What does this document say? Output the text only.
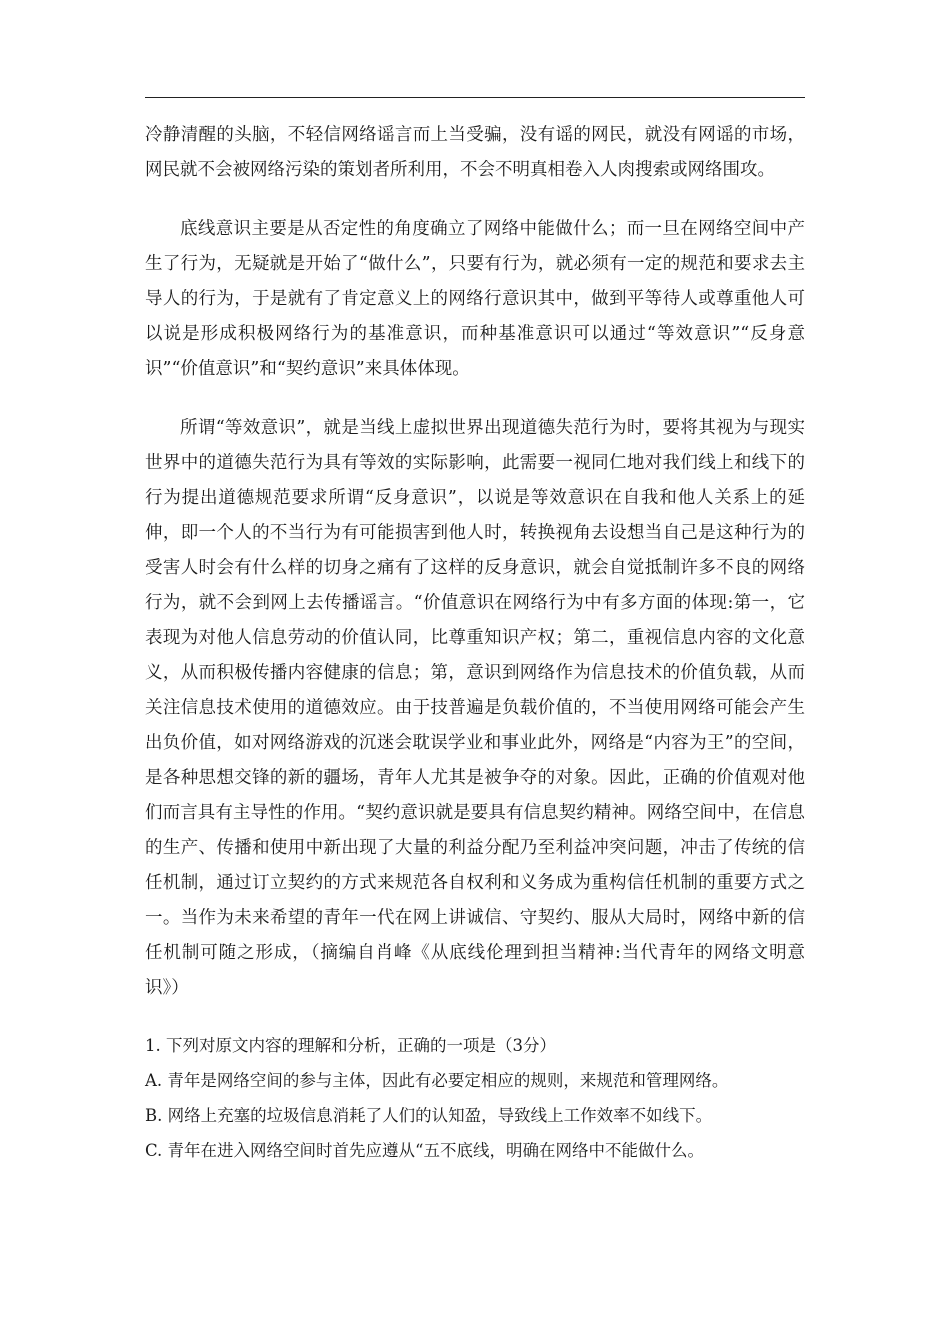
冷静清醒的头脑，不轻信网络谣言而上当受骗，没有谣的网民，就没有网谣的市场，网民就不会被网络污染的策划者所利用，不会不明真相卷入人肉搜索或网络围攻。

底线意识主要是从否定性的角度确立了网络中能做什么；而一旦在网络空间中产生了行为，无疑就是开始了“做什么”，只要有行为，就必须有一定的规范和要求去主导人的行为，于是就有了肯定意义上的网络行意识其中，做到平等待人或尊重他人可以说是形成积极网络行为的基准意识，而种基准意识可以通过“等效意识”“反身意识”“价值意识”和“契约意识”来具体体现。

所谓“等效意识”，就是当线上虚拟世界出现道德失范行为时，要将其视为与现实世界中的道德失范行为具有等效的实际影响，此需要一视同仁地对我们线上和线下的行为提出道德规范要求所谓“反身意识”，以说是等效意识在自我和他人关系上的延伸，即一个人的不当行为有可能损害到他人时，转换视角去设想当自己是这种行为的受害人时会有什么样的切身之痛有了这样的反身意识，就会自觉抵制许多不良的网络行为，就不会到网上去传播谣言。“价值意识在网络行为中有多方面的体现:第一，它表现为对他人信息劳动的价值认同，比尊重知识产权；第二，重视信息内容的文化意义，从而积极传播内容健康的信息；第，意识到网络作为信息技术的价值负载，从而关注信息技术使用的道德效应。由于技普遍是负载价值的，不当使用网络可能会产生出负价值，如对网络游戏的沉迷会耽误学业和事业此外，网络是“内容为王”的空间，是各种思想交锋的新的疆场，青年人尤其是被争夺的对象。因此，正确的价值观对他们而言具有主导性的作用。“契约意识就是要具有信息契约精神。网络空间中，在信息的生产、传播和使用中新出现了大量的利益分配乃至利益冲突问题，冲击了传统的信任机制，通过订立契约的方式来规范各自权利和义务成为重构信任机制的重要方式之一。当作为未来希望的青年一代在网上讲诚信、守契约、服从大局时，网络中新的信任机制可随之形成，（摘编自肖峰《从底线伦理到担当精神:当代青年的网络文明意识》）

1. 下列对原文内容的理解和分析，正确的一项是（3分）

A. 青年是网络空间的参与主体，因此有必要定相应的规则，来规范和管理网络。

B. 网络上充塞的垃圾信息消耗了人们的认知盈，导致线上工作效率不如线下。

C. 青年在进入网络空间时首先应遵从“五不底线，明确在网络中不能做什么。
